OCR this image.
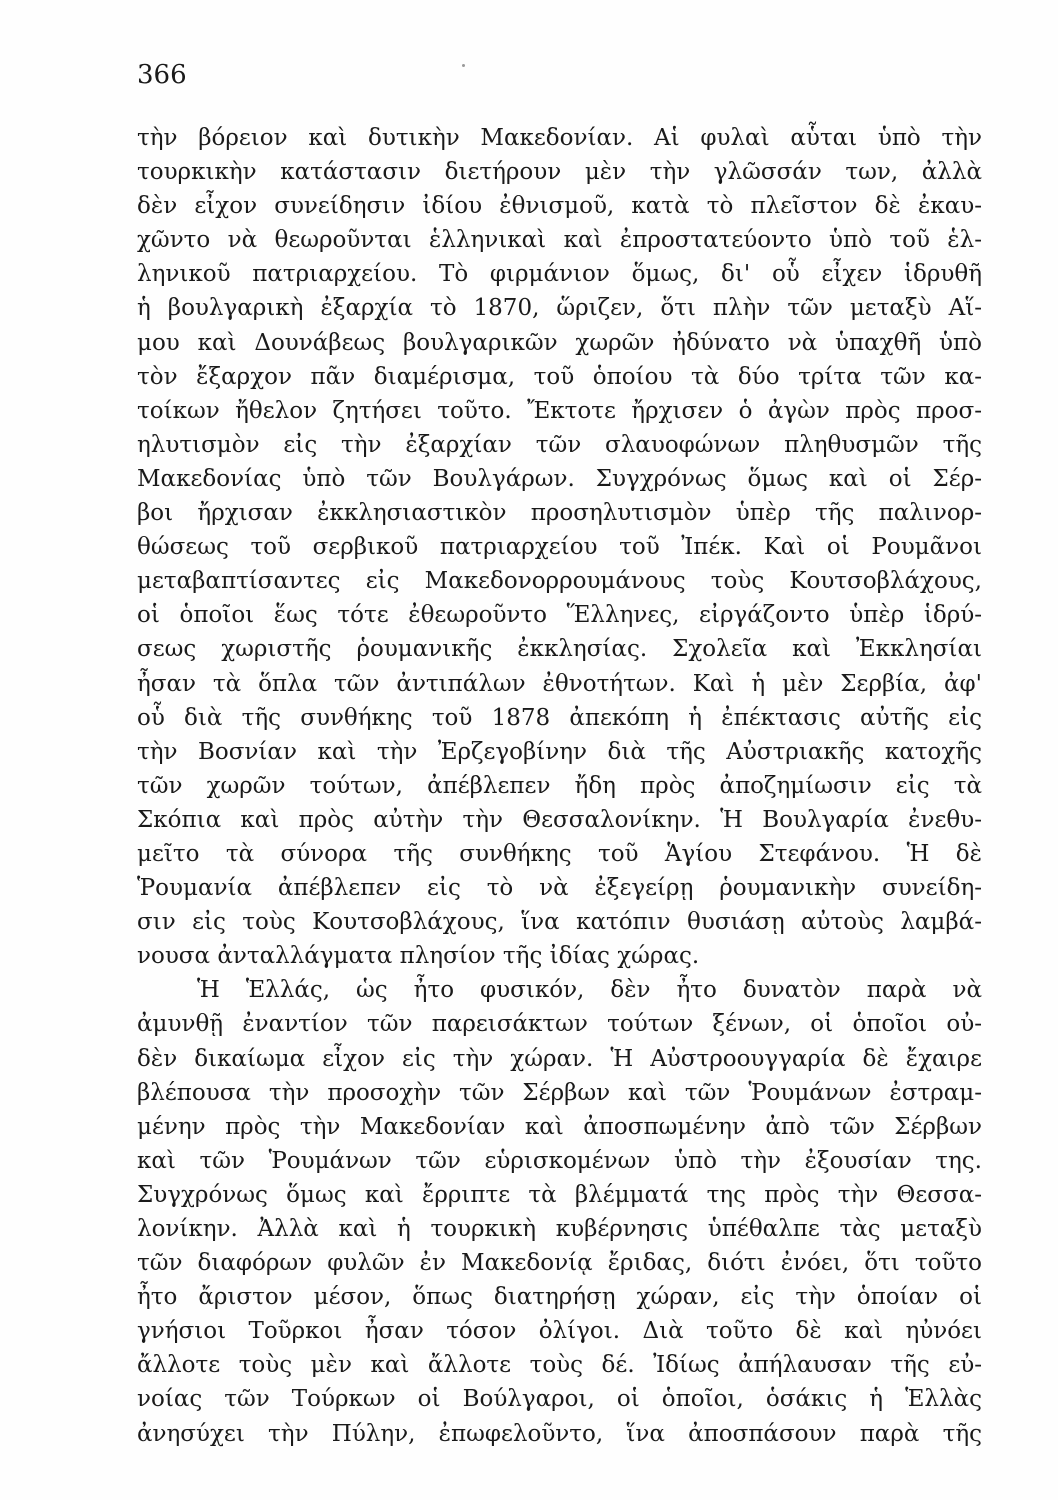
366
τὴν βόρειον καὶ δυτικὴν Μακεδονίαν. Αἱ φυλαὶ αὗται ὑπὸ τὴν
τουρκικὴν κατάστασιν διετήρουν μὲν τὴν γλῶσσάν των, ἀλλὰ
δὲν εἶχον συνείδησιν ἰδίου ἐθνισμοῦ, κατὰ τὸ πλεῖστον δὲ ἐκαυ-
χῶντο νὰ θεωροῦνται ἑλληνικαὶ καὶ ἐπροστατεύοντο ὑπὸ τοῦ ἑλ-
ληνικοῦ πατριαρχείου. Τὸ φιρμάνιον ὅμως, δι' οὗ εἶχεν ἱδρυθῆ
ἡ βουλγαρικὴ ἐξαρχία τὸ 1870, ὥριζεν, ὅτι πλὴν τῶν μεταξὺ Αἵ-
μου καὶ Δουνάβεως βουλγαρικῶν χωρῶν ἠδύνατο νὰ ὑπαχθῆ ὑπὸ
τὸν ἔξαρχον πᾶν διαμέρισμα, τοῦ ὁποίου τὰ δύο τρίτα τῶν κα-
τοίκων ἤθελον ζητήσει τοῦτο. Ἔκτοτε ἤρχισεν ὁ ἀγὼν πρὸς προσ-
ηλυτισμὸν εἰς τὴν ἐξαρχίαν τῶν σλαυοφώνων πληθυσμῶν τῆς
Μακεδονίας ὑπὸ τῶν Βουλγάρων. Συγχρόνως ὅμως καὶ οἱ Σέρ-
βοι ἤρχισαν ἐκκλησιαστικὸν προσηλυτισμὸν ὑπὲρ τῆς παλινορ-
θώσεως τοῦ σερβικοῦ πατριαρχείου τοῦ Ἰπέκ. Καὶ οἱ Ρουμᾶνοι
μεταβαπτίσαντες εἰς Μακεδονορρουμάνους τοὺς Κουτσοβλάχους,
οἱ ὁποῖοι ἕως τότε ἐθεωροῦντο Ἕλληνες, εἰργάζοντο ὑπὲρ ἱδρύ-
σεως χωριστῆς ῥουμανικῆς ἐκκλησίας. Σχολεῖα καὶ Ἐκκλησίαι
ἦσαν τὰ ὅπλα τῶν ἀντιπάλων ἐθνοτήτων. Καὶ ἡ μὲν Σερβία, ἀφ'
οὗ διὰ τῆς συνθήκης τοῦ 1878 ἀπεκόπη ἡ ἐπέκτασις αὐτῆς εἰς
τὴν Βοσνίαν καὶ τὴν Ἐρζεγοβίνην διὰ τῆς Αὐστριακῆς κατοχῆς
τῶν χωρῶν τούτων, ἀπέβλεπεν ἤδη πρὸς ἀποζημίωσιν εἰς τὰ
Σκόπια καὶ πρὸς αὐτὴν τὴν Θεσσαλονίκην. Ἡ Βουλγαρία ἐνεθυ-
μεῖτο τὰ σύνορα τῆς συνθήκης τοῦ Ἁγίου Στεφάνου. Ἡ δὲ
Ῥουμανία ἀπέβλεπεν εἰς τὸ νὰ ἐξεγείρῃ ῥουμανικὴν συνείδη-
σιν εἰς τοὺς Κουτσοβλάχους, ἵνα κατόπιν θυσιάσῃ αὐτοὺς λαμβά-
νουσα ἀνταλλάγματα πλησίον τῆς ἰδίας χώρας.
Ἡ Ἑλλάς, ὡς ἦτο φυσικόν, δὲν ἦτο δυνατὸν παρὰ νὰ
ἀμυνθῇ ἐναντίον τῶν παρεισάκτων τούτων ξένων, οἱ ὁποῖοι οὐ-
δὲν δικαίωμα εἶχον εἰς τὴν χώραν. Ἡ Αὐστροουγγαρία δὲ ἔχαιρε
βλέπουσα τὴν προσοχὴν τῶν Σέρβων καὶ τῶν Ῥουμάνων ἐστραμ-
μένην πρὸς τὴν Μακεδονίαν καὶ ἀποσπωμένην ἀπὸ τῶν Σέρβων
καὶ τῶν Ῥουμάνων τῶν εὑρισκομένων ὑπὸ τὴν ἐξουσίαν της.
Συγχρόνως ὅμως καὶ ἔρριπτε τὰ βλέμματά της πρὸς τὴν Θεσσα-
λονίκην. Ἀλλὰ καὶ ἡ τουρκικὴ κυβέρνησις ὑπέθαλπε τὰς μεταξὺ
τῶν διαφόρων φυλῶν ἐν Μακεδονίᾳ ἔριδας, διότι ἐνόει, ὅτι τοῦτο
ἦτο ἄριστον μέσον, ὅπως διατηρήσῃ χώραν, εἰς τὴν ὁποίαν οἱ
γνήσιοι Τοῦρκοι ἦσαν τόσον ὀλίγοι. Διὰ τοῦτο δὲ καὶ ηὐνόει
ἄλλοτε τοὺς μὲν καὶ ἄλλοτε τοὺς δέ. Ἰδίως ἀπήλαυσαν τῆς εὐ-
νοίας τῶν Τούρκων οἱ Βούλγαροι, οἱ ὁποῖοι, ὁσάκις ἡ Ἑλλὰς
ἀνησύχει τὴν Πύλην, ἐπωφελοῦντο, ἵνα ἀποσπάσουν παρὰ τῆς
